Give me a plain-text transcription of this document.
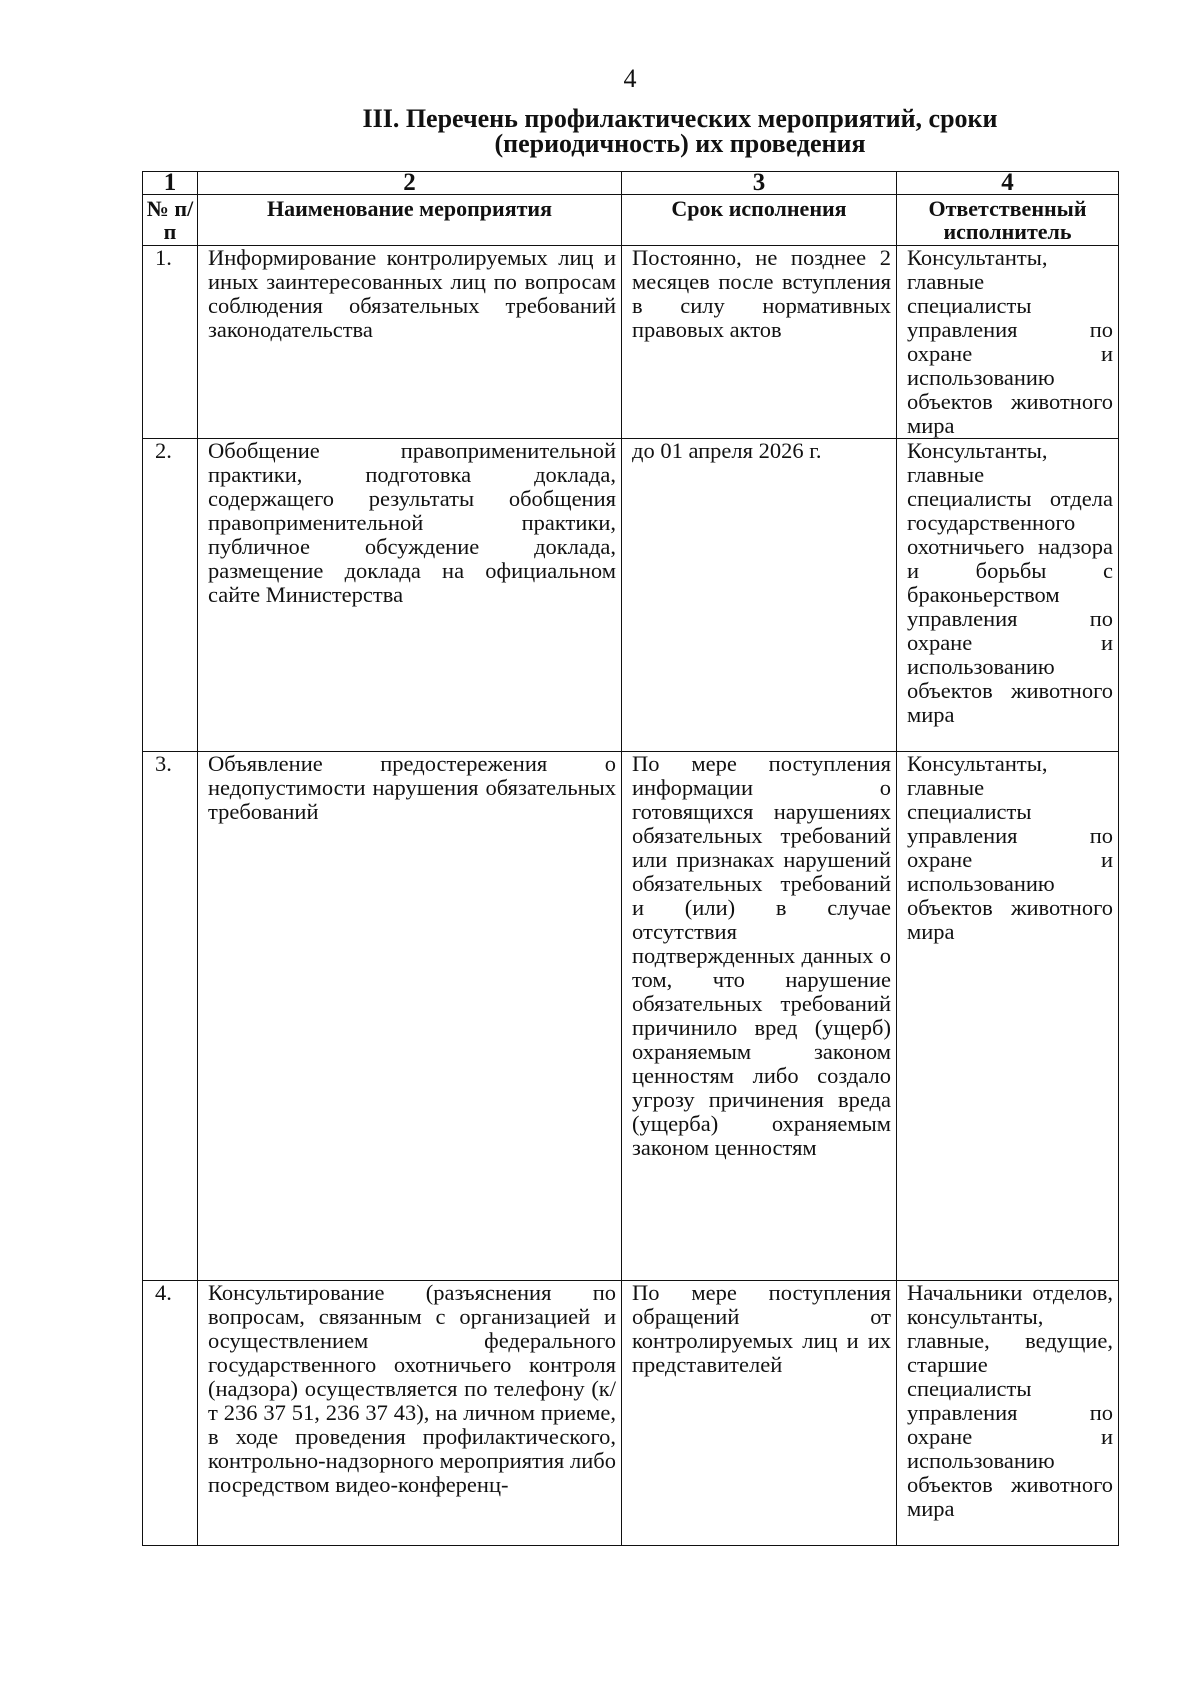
4
III. Перечень профилактических мероприятий, сроки
(периодичность) их проведения
1	2	3	4
№ п/п	Наименование мероприятия	Срок исполнения	Ответственный исполнитель
1.	Информирование контролируемых лиц и иных заинтересованных лиц по вопросам соблюдения обязательных требований законодательства	Постоянно, не позднее 2 месяцев после вступления в силу нормативных правовых актов	Консультанты, главные специалисты управления по охране и использованию объектов животного мира
2.	Обобщение правоприменительной практики, подготовка доклада, содержащего результаты обобщения правоприменительной практики, публичное обсуждение доклада, размещение доклада на официальном сайте Министерства	до 01 апреля 2026 г.	Консультанты, главные специалисты отдела государственного охотничьего надзора и борьбы с браконьерством управления по охране и использованию объектов животного мира
3.	Объявление предостережения о недопустимости нарушения обязательных требований	По мере поступления информации о готовящихся нарушениях обязательных требований или признаках нарушений обязательных требований и (или) в случае отсутствия подтвержденных данных о том, что нарушение обязательных требований причинило вред (ущерб) охраняемым законом ценностям либо создало угрозу причинения вреда (ущерба) охраняемым законом ценностям	Консультанты, главные специалисты управления по охране и использованию объектов животного мира
4.	Консультирование (разъяснения по вопросам, связанным с организацией и осуществлением федерального государственного охотничьего контроля (надзора) осуществляется по телефону (к/т 236 37 51, 236 37 43), на личном приеме, в ходе проведения профилактического, контрольно-надзорного мероприятия либо посредством видео-конференц-	По мере поступления обращений от контролируемых лиц и их представителей	Начальники отделов, консультанты, главные, ведущие, старшие специалисты управления по охране и использованию объектов животного мира
